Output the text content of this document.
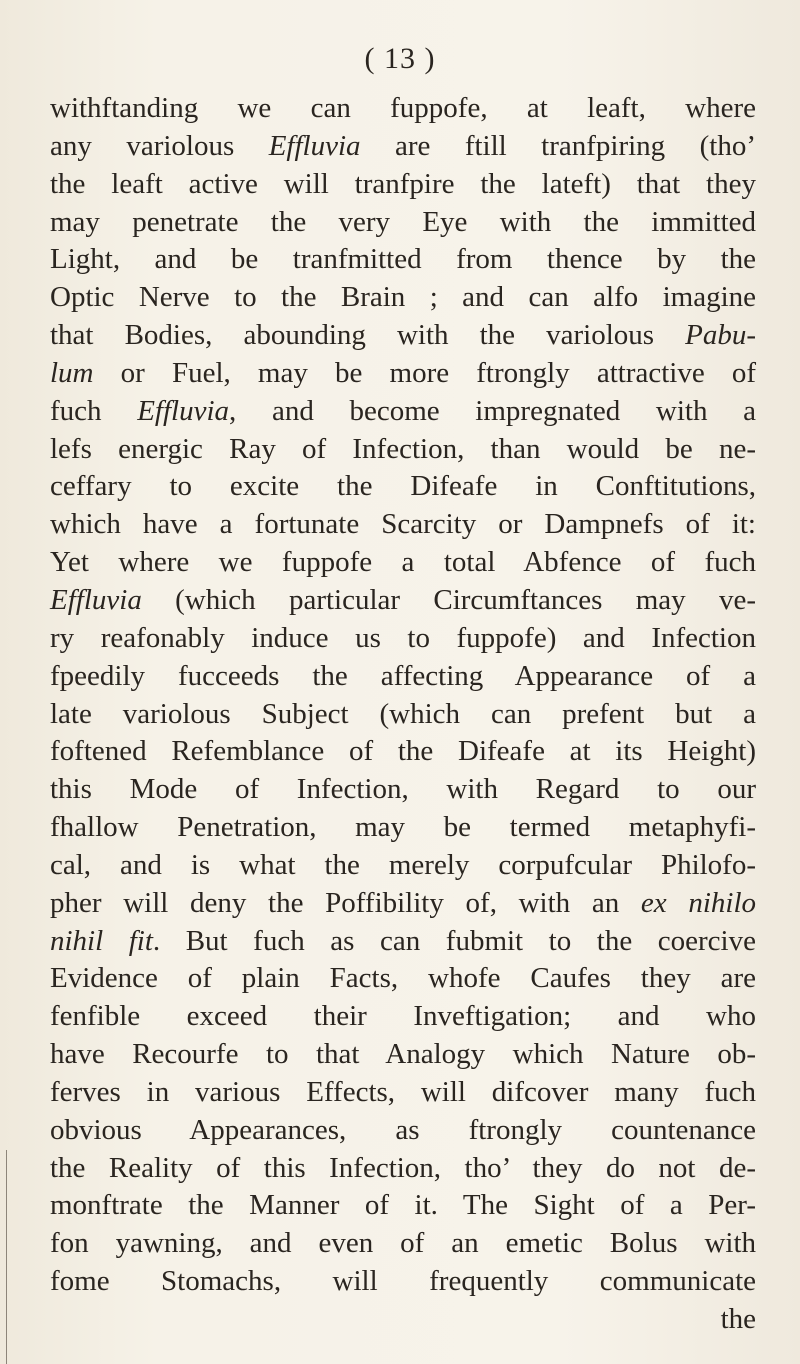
( 13 )
withftanding we can fuppofe, at leaft, where
any variolous Effluvia are ftill tranfpiring (tho’
the leaft active will tranfpire the lateft) that they
may penetrate the very Eye with the immitted
Light, and be tranfmitted from thence by the
Optic Nerve to the Brain ; and can alfo imagine
that Bodies, abounding with the variolous Pabu-
lum or Fuel, may be more ftrongly attractive of
fuch Effluvia, and become impregnated with a
lefs energic Ray of Infection, than would be ne-
ceffary to excite the Difeafe in Conftitutions,
which have a fortunate Scarcity or Dampnefs of it:
Yet where we fuppofe a total Abfence of fuch
Effluvia (which particular Circumftances may ve-
ry reafonably induce us to fuppofe) and Infection
fpeedily fucceeds the affecting Appearance of a
late variolous Subject (which can prefent but a
foftened Refemblance of the Difeafe at its Height)
this Mode of Infection, with Regard to our
fhallow Penetration, may be termed metaphyfi-
cal, and is what the merely corpufcular Philofo-
pher will deny the Poffibility of, with an ex nihilo
nihil fit. But fuch as can fubmit to the coercive
Evidence of plain Facts, whofe Caufes they are
fenfible exceed their Inveftigation; and who
have Recourfe to that Analogy which Nature ob-
ferves in various Effects, will difcover many fuch
obvious Appearances, as ftrongly countenance
the Reality of this Infection, tho’ they do not de-
monftrate the Manner of it. The Sight of a Per-
fon yawning, and even of an emetic Bolus with
fome Stomachs, will frequently communicate
the
